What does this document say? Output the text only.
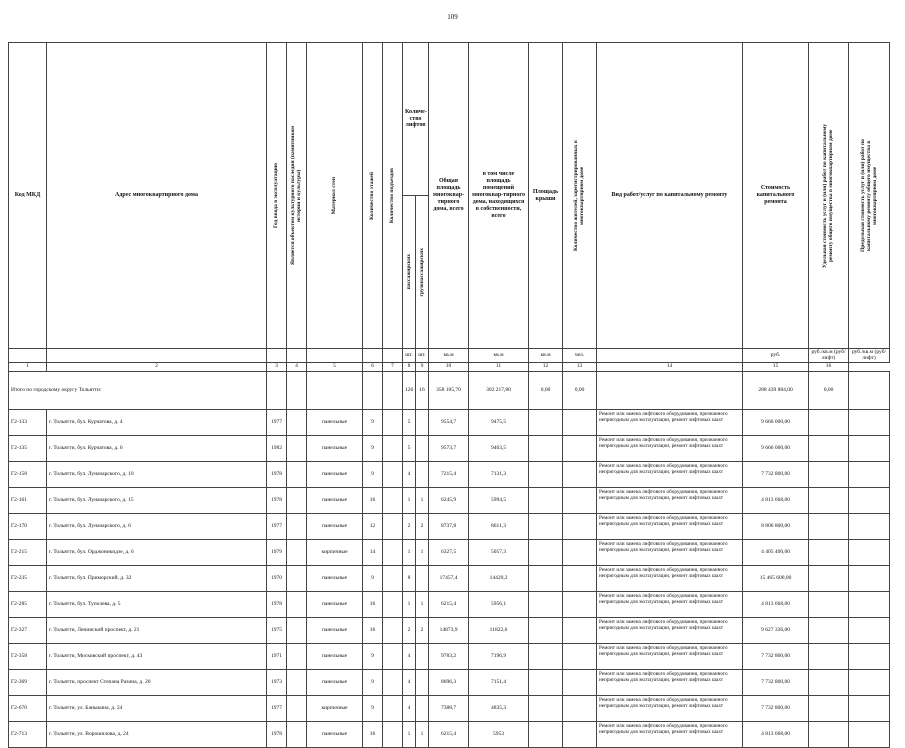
109
Код МКД	Адрес многоквартирного дома	Год ввода в эксплуатацию	Является объектом культурного наследия (памятником истории и культуры)	Материал стен	Количество этажей	Количество подъездов	Количе-ство лифтов		Общая площадь многоквар-тирного дома, всего	в том числе площадь помещений многоквар-тирного дома, находящихся в собственности, всего	Площадь крыши	Количество жителей, зарегистрированных в многоквартирном доме	Вид работ/услуг по капитальному ремонту	Стоимость капитального ремонта	Удельная стоимость услуг и (или) работ по капитальному ремонту общего имущества в многоквартирном доме	Предельная стоимость услуг и (или) работ по капитальному ремонту общего имущества в многоквартирном доме

							пассажирских	грузопассажирских								

							шт.	шт.	кв.м	кв.м	кв.м	чел.		руб.	руб./кв.м (руб/лифт)	руб./кв.м (руб/лифт)
1	2	3	4	5	6	7	8	9	10	11	12	13	14	15	16	
Итого по городскому округу Тольятти:							126	16	358 105,70	302 217,80	0,00	0,00		288 439 884,00	0,00	
Г2-133	г. Тольятти, бул. Курчатова, д. 4	1977		панельные	9		5		9554,7	9475,5			Ремонт или замена лифтового оборудования, признанного непригодным для эксплуатации, ремонт лифтовых шахт	9 666 000,00		
Г2-135	г. Тольятти, бул. Курчатова, д. 6	1982		панельные	9		5		9573,7	9463,5			Ремонт или замена лифтового оборудования, признанного непригодным для эксплуатации, ремонт лифтовых шахт	9 666 000,00		
Г2-158	г. Тольятти, бул. Луначарского, д. 10	1978		панельные	9		4		7215,4	7131,3			Ремонт или замена лифтового оборудования, признанного непригодным для эксплуатации, ремонт лифтовых шахт	7 732 800,00		
Г2-161	г. Тольятти, бул. Луначарского, д. 15	1978		панельные	16		1	1	6245,9	5994,5			Ремонт или замена лифтового оборудования, признанного непригодным для эксплуатации, ремонт лифтовых шахт	4 813 668,00		
Г2-170	г. Тольятти, бул. Луначарского, д. 6	1977		панельные	12		2	2	8737,8	8611,3			Ремонт или замена лифтового оборудования, признанного непригодным для эксплуатации, ремонт лифтовых шахт	8 806 800,00		
Г2-215	г. Тольятти, бул. Орджоникидзе, д. 6	1979		кирпичные	14		1	1	6327,5	5057,3			Ремонт или замена лифтового оборудования, признанного непригодным для эксплуатации, ремонт лифтовых шахт	4 405 400,00		
Г2-235	г. Тольятти, бул. Приморский, д. 32	1970		панельные	9		8		17457,4	14420,2			Ремонт или замена лифтового оборудования, признанного непригодным для эксплуатации, ремонт лифтовых шахт	15 465 600,00		
Г2-285	г. Тольятти, бул. Туполева, д. 5	1978		панельные	16		1	1	6215,4	5956,1			Ремонт или замена лифтового оборудования, признанного непригодным для эксплуатации, ремонт лифтовых шахт	4 813 668,00		
Г2-327	г. Тольятти, Ленинский проспект, д. 21	1975		панельные	16		2	2	14873,9	11822,6			Ремонт или замена лифтового оборудования, признанного непригодным для эксплуатации, ремонт лифтовых шахт	9 627 336,00		
Г2-358	г. Тольятти, Московский проспект, д. 43	1971		панельные	9		4		9783,2	7196,9			Ремонт или замена лифтового оборудования, признанного непригодным для эксплуатации, ремонт лифтовых шахт	7 732 800,00		
Г2-369	г. Тольятти, проспект Степана Разина, д. 20	1973		панельные	9		4		8696,3	7151,4			Ремонт или замена лифтового оборудования, признанного непригодным для эксплуатации, ремонт лифтовых шахт	7 732 800,00		
Г2-670	г. Тольятти, ул. Баныкина, д. 24	1977		кирпичные	9		4		7388,7	4835,3			Ремонт или замена лифтового оборудования, признанного непригодным для эксплуатации, ремонт лифтовых шахт	7 732 800,00		
Г2-713	г. Тольятти, ул. Ворошилова, д. 24	1978		панельные	16		1	1	6215,4	5953			Ремонт или замена лифтового оборудования, признанного непригодным для эксплуатации, ремонт лифтовых шахт	4 813 668,00		
